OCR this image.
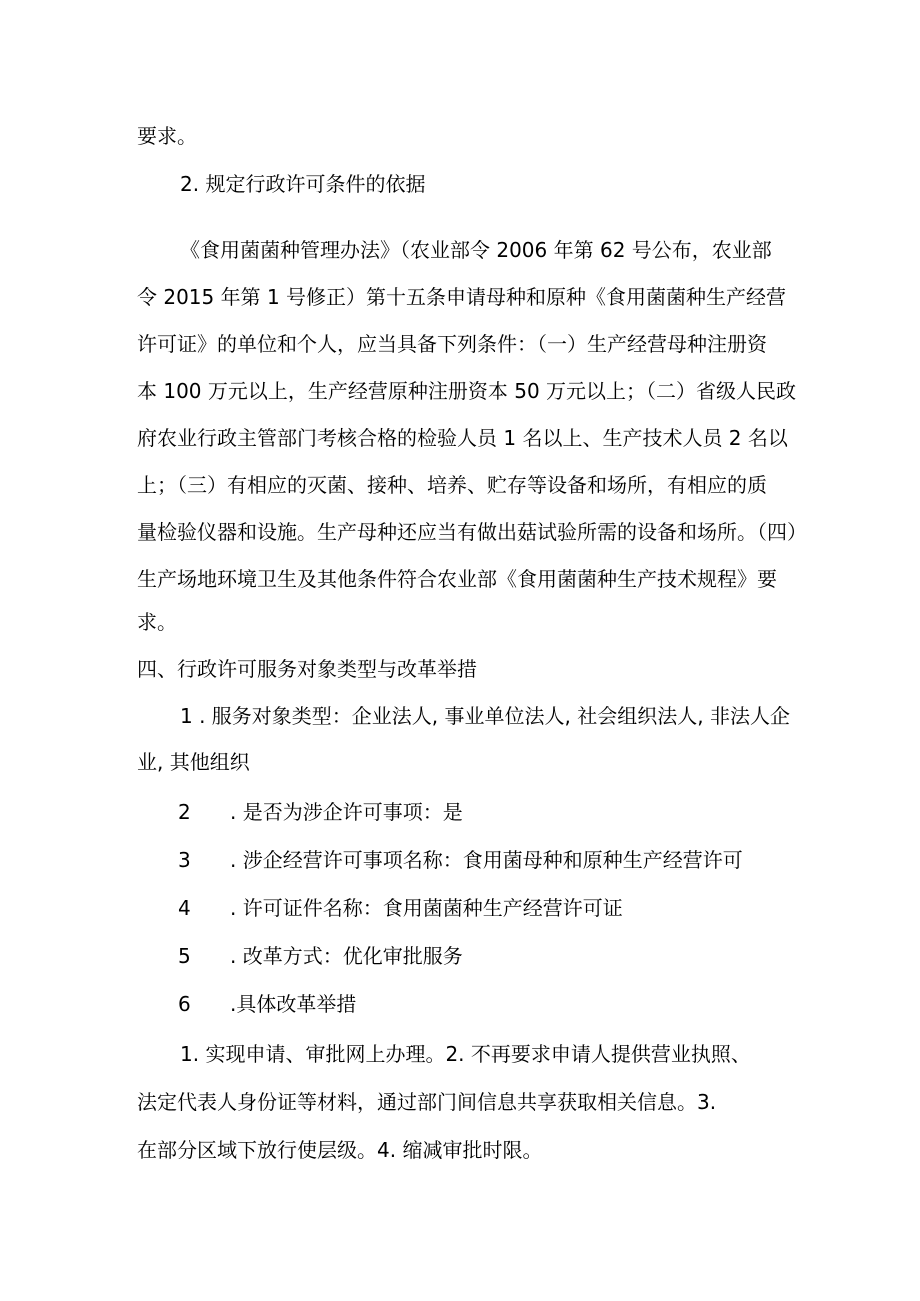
要求。
2. 规定行政许可条件的依据
《食用菌菌种管理办法》（农业部令 2006 年第 62 号公布，农业部
令 2015 年第 1 号修正）第十五条申请母种和原种《食用菌菌种生产经营
许可证》的单位和个人，应当具备下列条件：（一）生产经营母种注册资
本 100 万元以上，生产经营原种注册资本 50 万元以上；（二）省级人民政
府农业行政主管部门考核合格的检验人员 1 名以上、生产技术人员 2 名以
上；（三）有相应的灭菌、接种、培养、贮存等设备和场所，有相应的质
量检验仪器和设施。生产母种还应当有做出菇试验所需的设备和场所。（四）
生产场地环境卫生及其他条件符合农业部《食用菌菌种生产技术规程》要
求。
四、行政许可服务对象类型与改革举措
1 . 服务对象类型：企业法人, 事业单位法人, 社会组织法人, 非法人企
业, 其他组织
2 . 是否为涉企许可事项：是
3 . 涉企经营许可事项名称：食用菌母种和原种生产经营许可
4 . 许可证件名称：食用菌菌种生产经营许可证
5 . 改革方式：优化审批服务
6 .具体改革举措
1. 实现申请、审批网上办理。2. 不再要求申请人提供营业执照、
法定代表人身份证等材料，通过部门间信息共享获取相关信息。3.
在部分区域下放行使层级。4. 缩减审批时限。
